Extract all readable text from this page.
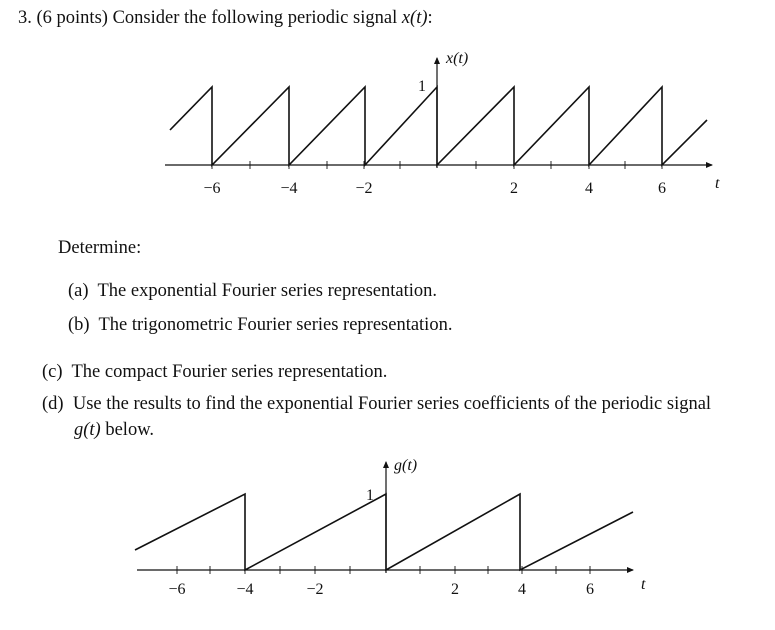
3. (6 points) Consider the following periodic signal x(t):
x(t)
1
t
−6	−4	−2	2	4	6
g(t)
1
t
−6	−4	−2	2	4	6
Determine:
(a) The exponential Fourier series representation.
(b) The trigonometric Fourier series representation.
(c) The compact Fourier series representation.
(d) Use the results to find the exponential Fourier series coefficients of the periodic signal
g(t) below.
